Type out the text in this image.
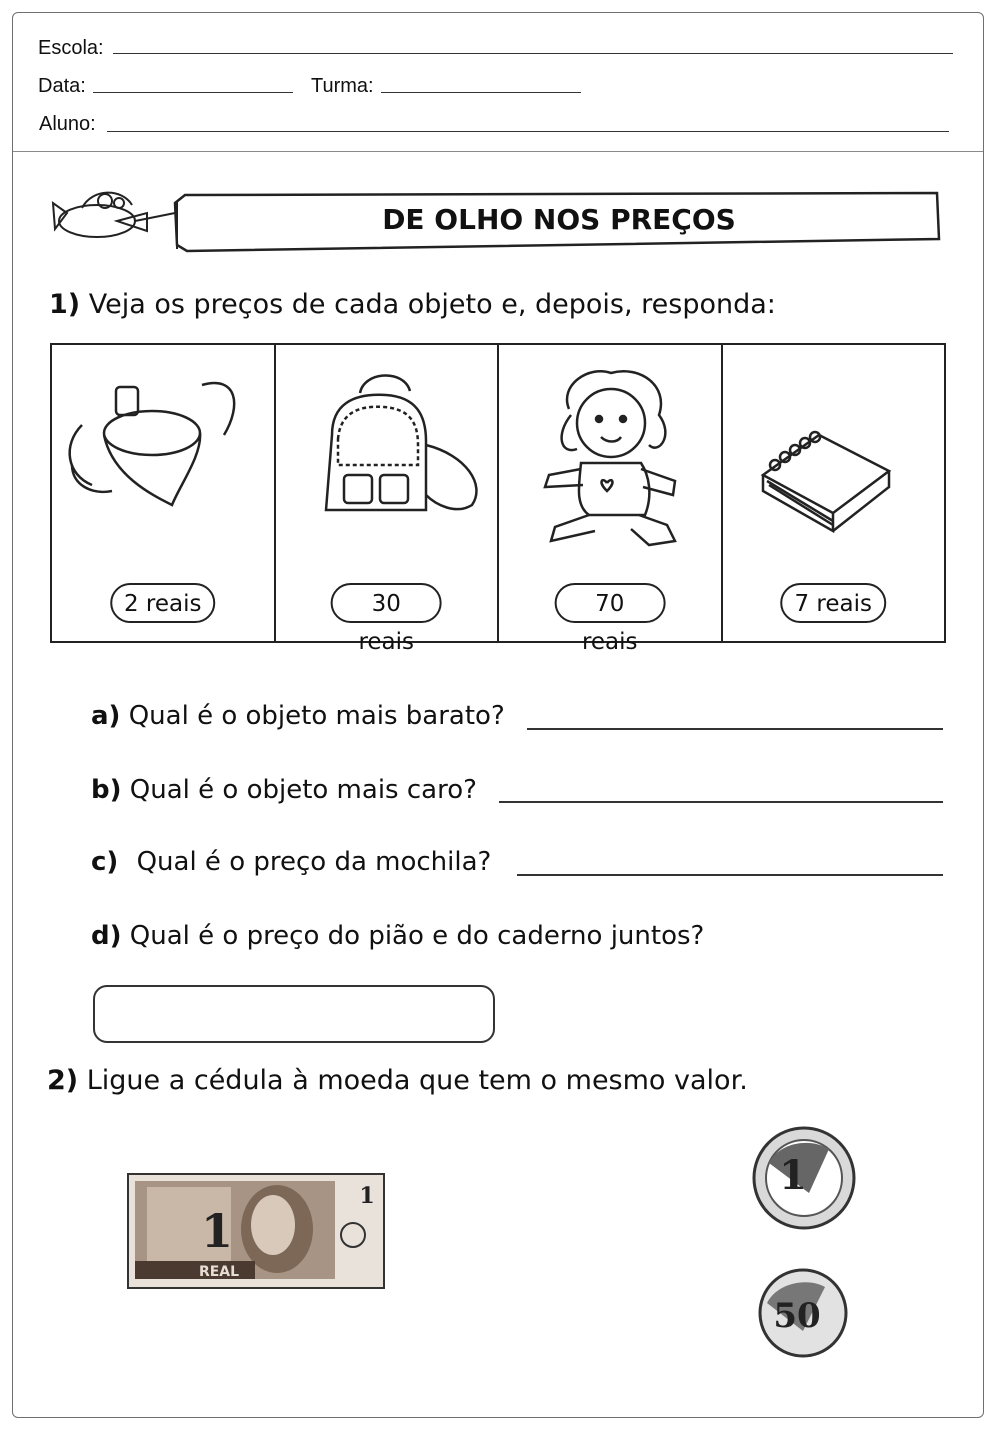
Escola:
Data:	Turma:
Aluno:
DE OLHO NOS PREÇOS
1) Veja os preços de cada objeto e, depois, responda:
2 reais	30 reais
70 reais
7 reais
a) Qual é o objeto mais barato?
b) Qual é o objeto mais caro?
c) Qual é o preço da mochila?
d) Qual é o preço do pião e do caderno juntos?
2) Ligue a cédula à moeda que tem o mesmo valor.
1
1
REAL
1
50
